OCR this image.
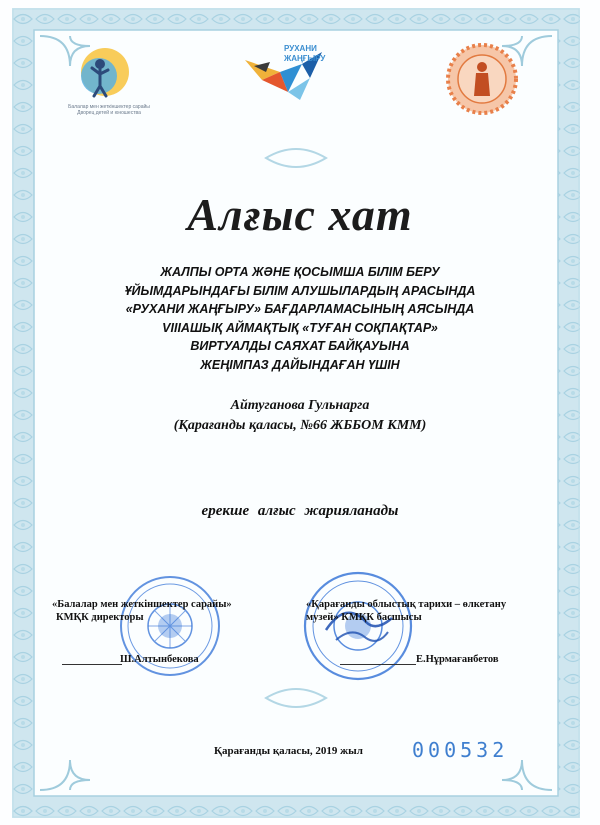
Балалар мен жеткіншектер сарайы
Дворец детей и юношества
РУХАНИ
ЖАҢҒЫРУ
Алғыс хат
ЖАЛПЫ ОРТА ЖӘНЕ ҚОСЫМША БІЛІМ БЕРУ
ҰЙЫМДАРЫНДАҒЫ БІЛІМ АЛУШЫЛАРДЫҢ АРАСЫНДА
«РУХАНИ ЖАҢҒЫРУ» БАҒДАРЛАМАСЫНЫҢ АЯСЫНДА
VIIIАШЫҚ АЙМАҚТЫҚ «ТУҒАН СОҚПАҚТАР»
ВИРТУАЛДЫ САЯХАТ БАЙҚАУЫНА
ЖЕҢІМПАЗ ДАЙЫНДАҒАН ҮШІН
Айтуганова Гульнарга
(Қарағанды қаласы, №66 ЖББОМ КММ)
ерекше алғыс жарияланады
«Балалар мен жеткіншектер сарайы»
КМҚК директоры
Ш.Алтынбекова
«Қарағанды облыстық тарихи – өлкетану
музей» КМҚК басшысы
Е.Нұрмағанбетов
Қарағанды қаласы, 2019 жыл 000532
